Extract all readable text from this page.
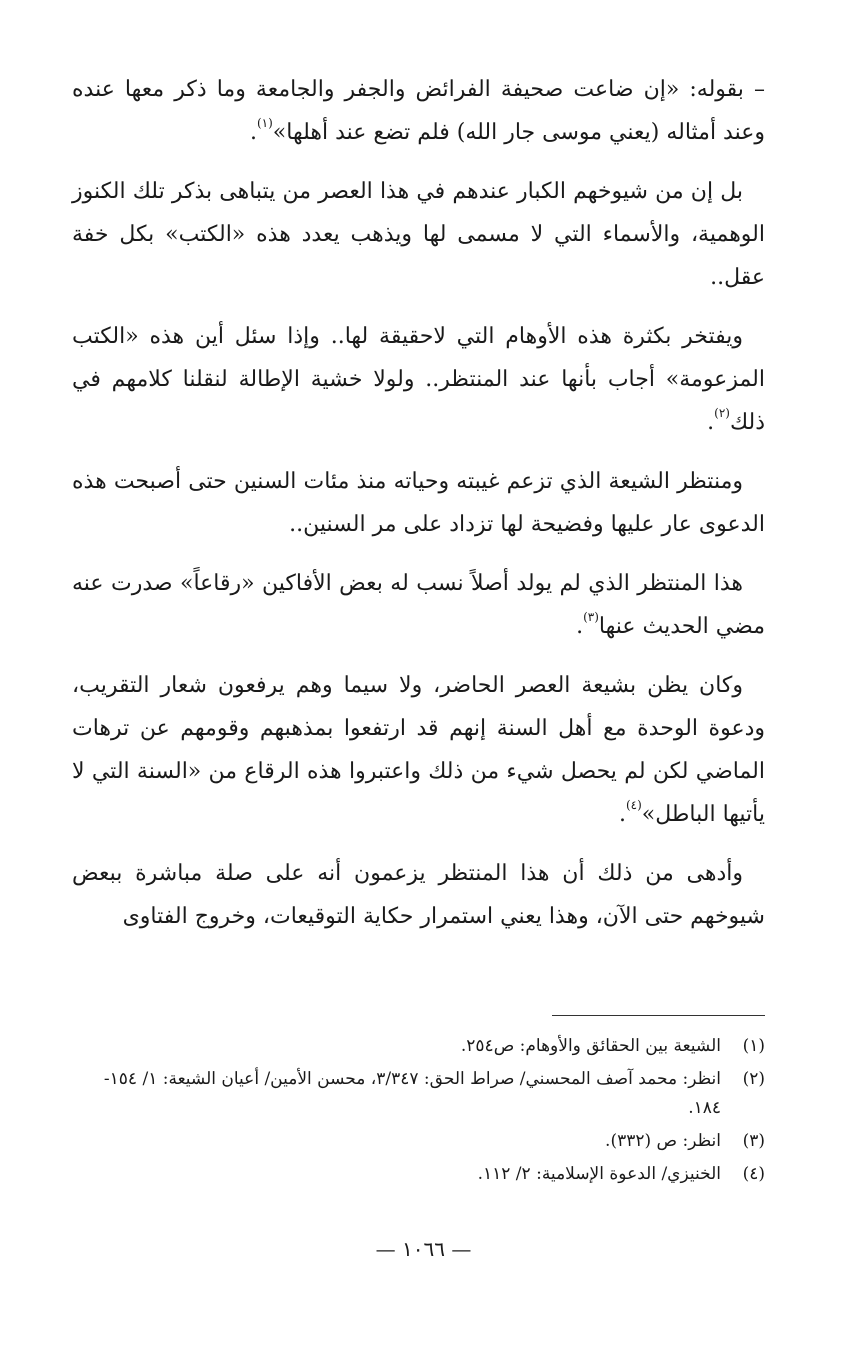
– بقوله: «إن ضاعت صحيفة الفرائض والجفر والجامعة وما ذكر معها عنده وعند أمثاله (يعني موسى جار الله) فلم تضع عند أهلها»$^{(١)}$.

بل إن من شيوخهم الكبار عندهم في هذا العصر من يتباهى بذكر تلك الكنوز الوهمية، والأسماء التي لا مسمى لها ويذهب يعدد هذه «الكتب» بكل خفة عقل..

ويفتخر بكثرة هذه الأوهام التي لاحقيقة لها.. وإذا سئل أين هذه «الكتب المزعومة» أجاب بأنها عند المنتظر.. ولولا خشية الإطالة لنقلنا كلامهم في ذلك$^{(٢)}$.

ومنتظر الشيعة الذي تزعم غيبته وحياته منذ مئات السنين حتى أصبحت هذه الدعوى عار عليها وفضيحة لها تزداد على مر السنين..

هذا المنتظر الذي لم يولد أصلاً نسب له بعض الأفاكين «رقاعاً» صدرت عنه مضي الحديث عنها$^{(٣)}$.

وكان يظن بشيعة العصر الحاضر، ولا سيما وهم يرفعون شعار التقريب، ودعوة الوحدة مع أهل السنة إنهم قد ارتفعوا بمذهبهم وقومهم عن ترهات الماضي لكن لم يحصل شيء من ذلك واعتبروا هذه الرقاع من «السنة التي لا يأتيها الباطل»$^{(٤)}$.

وأدهى من ذلك أن هذا المنتظر يزعمون أنه على صلة مباشرة ببعض شيوخهم حتى الآن، وهذا يعني استمرار حكاية التوقيعات، وخروج الفتاوى

(١)
الشيعة بين الحقائق والأوهام: ص٢٥٤.
(٢)
انظر: محمد آصف المحسني/ صراط الحق: ٣/٣٤٧، محسن الأمين/ أعيان الشيعة: ١/ ١٥٤- ١٨٤.
(٣)
انظر: ص (٣٣٢).
(٤)
الخنيزي/ الدعوة الإسلامية: ٢/ ١١٢.
— ١٠٦٦ —
